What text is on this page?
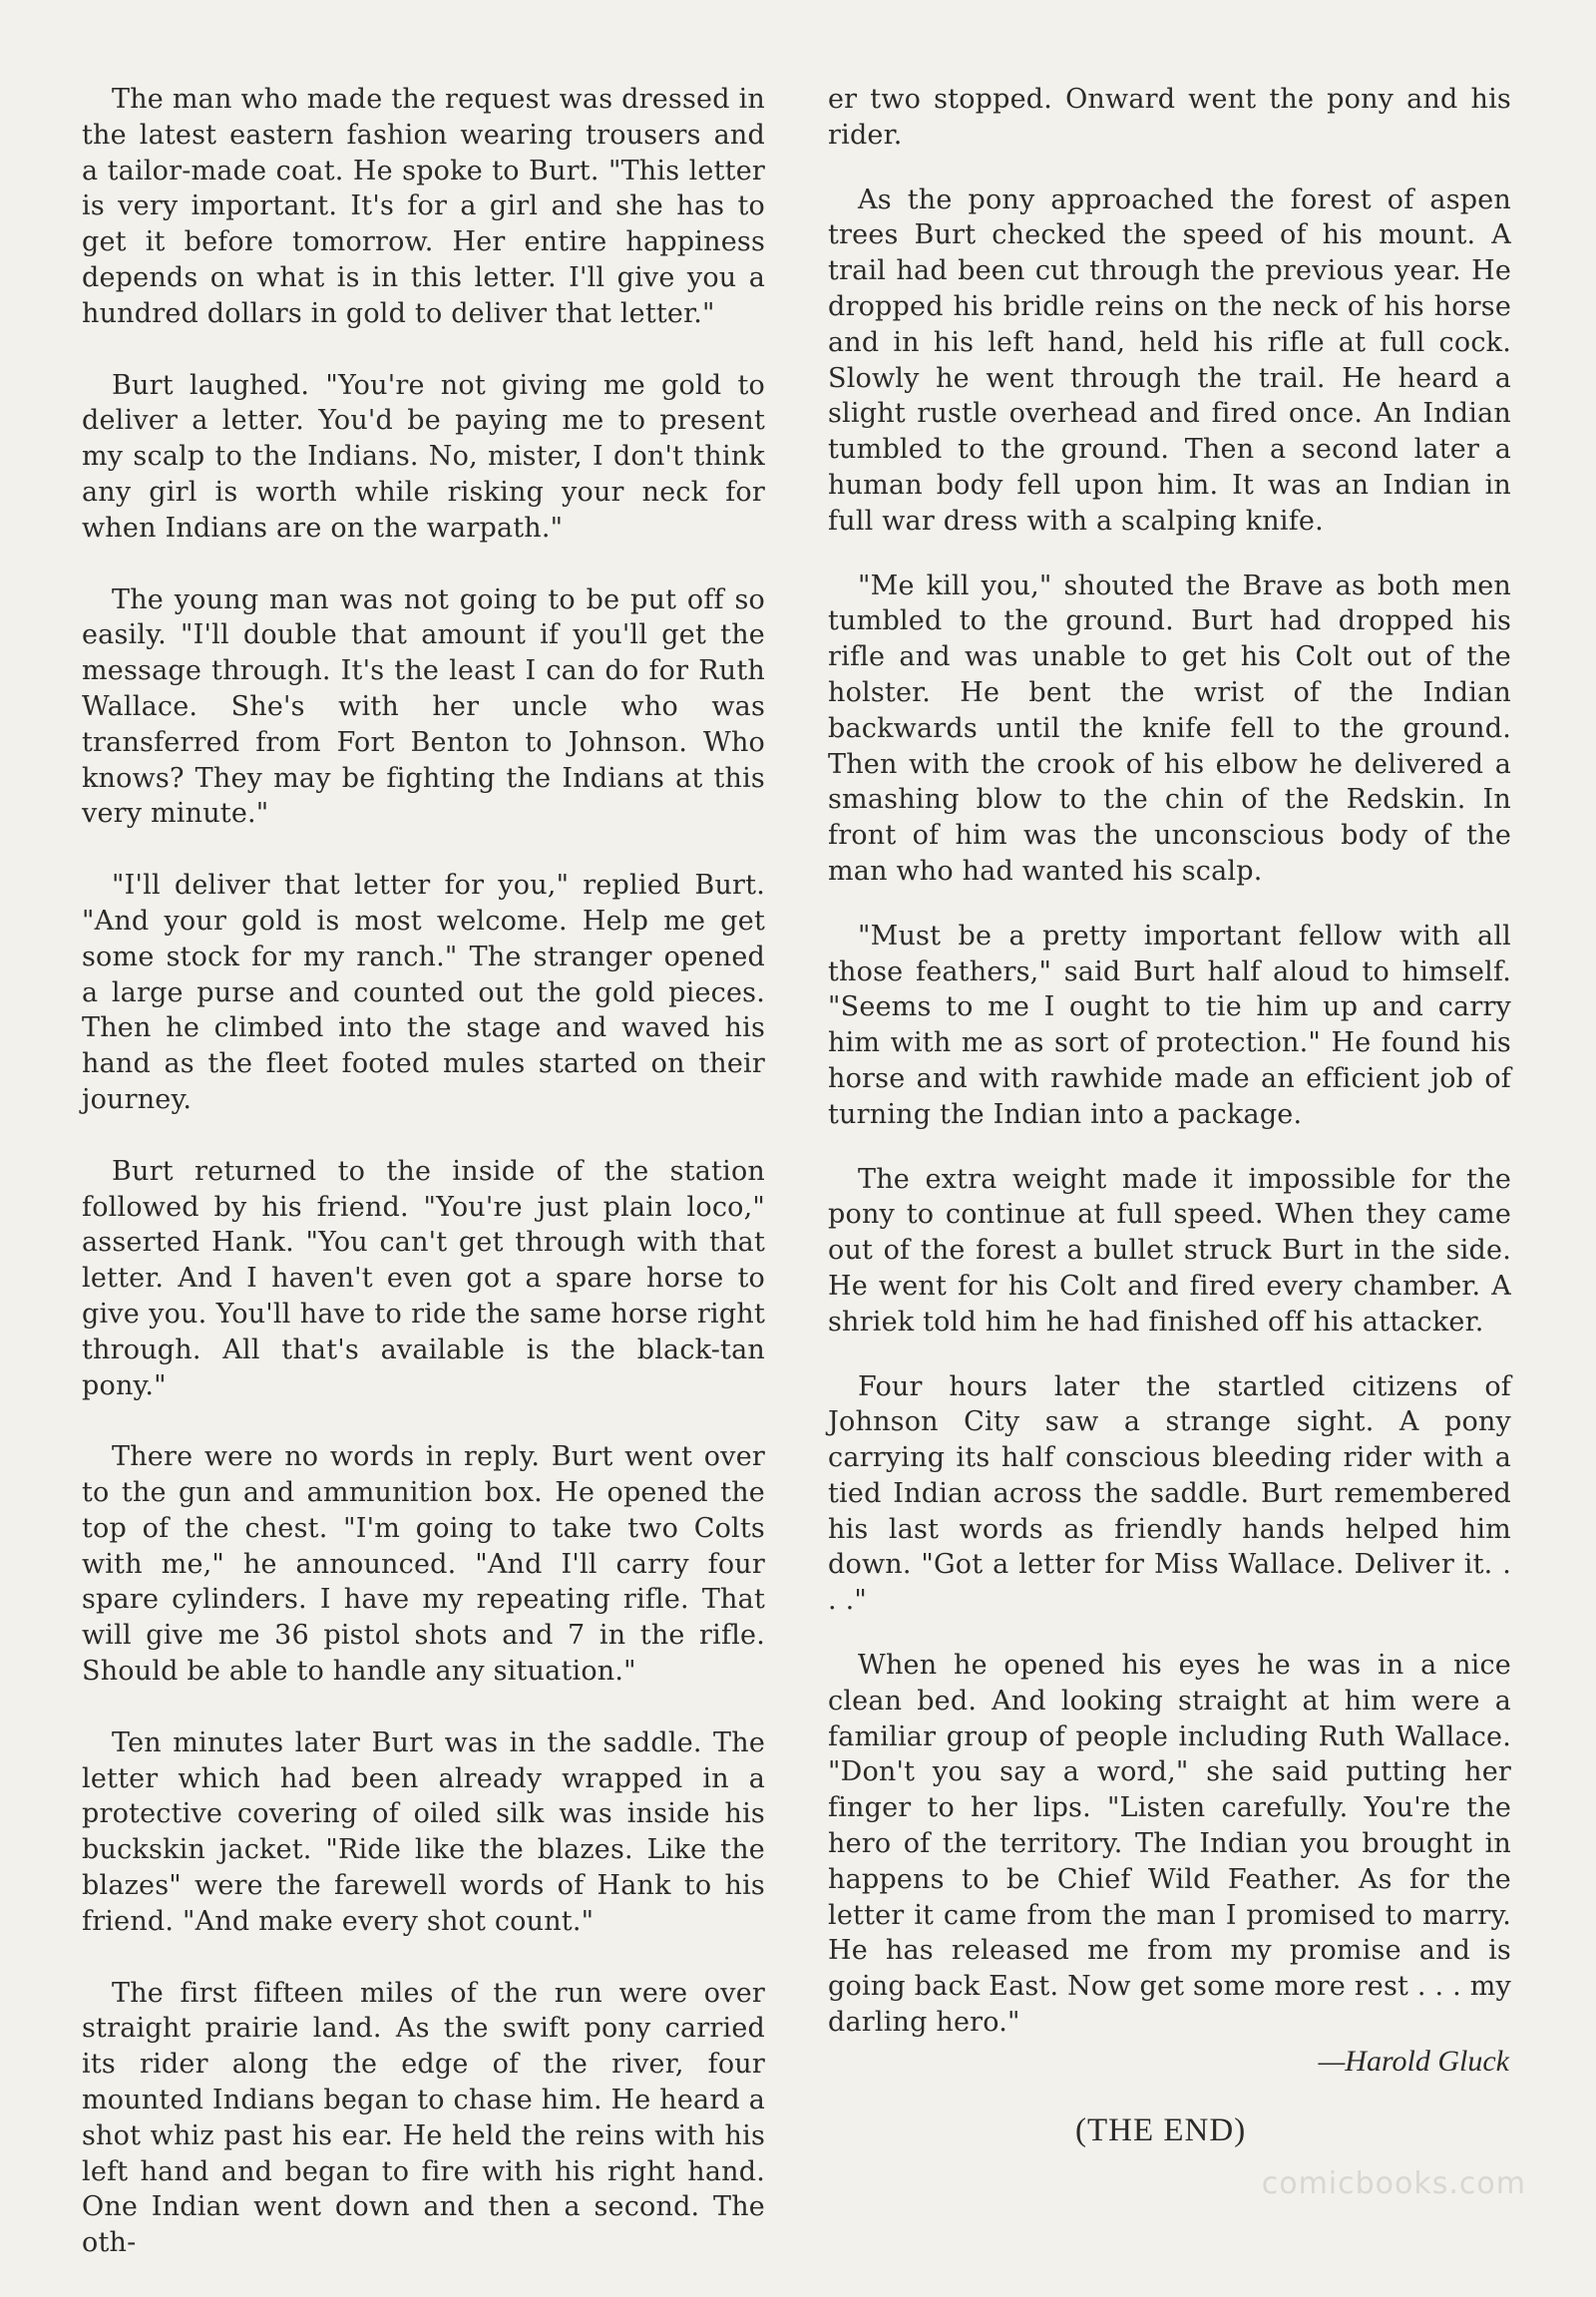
The man who made the request was dressed in the latest eastern fashion wearing trousers and a tailor-made coat. He spoke to Burt. "This letter is very important. It's for a girl and she has to get it before tomorrow. Her entire happiness depends on what is in this letter. I'll give you a hundred dollars in gold to deliver that letter."

Burt laughed. "You're not giving me gold to deliver a letter. You'd be paying me to present my scalp to the Indians. No, mister, I don't think any girl is worth while risking your neck for when Indians are on the warpath."

The young man was not going to be put off so easily. "I'll double that amount if you'll get the message through. It's the least I can do for Ruth Wallace. She's with her uncle who was transferred from Fort Benton to Johnson. Who knows? They may be fighting the Indians at this very minute."

"I'll deliver that letter for you," replied Burt. "And your gold is most welcome. Help me get some stock for my ranch." The stranger opened a large purse and counted out the gold pieces. Then he climbed into the stage and waved his hand as the fleet footed mules started on their journey.

Burt returned to the inside of the station followed by his friend. "You're just plain loco," asserted Hank. "You can't get through with that letter. And I haven't even got a spare horse to give you. You'll have to ride the same horse right through. All that's available is the black-tan pony."

There were no words in reply. Burt went over to the gun and ammunition box. He opened the top of the chest. "I'm going to take two Colts with me," he announced. "And I'll carry four spare cylinders. I have my repeating rifle. That will give me 36 pistol shots and 7 in the rifle. Should be able to handle any situation."

Ten minutes later Burt was in the saddle. The letter which had been already wrapped in a protective covering of oiled silk was inside his buckskin jacket. "Ride like the blazes. Like the blazes" were the farewell words of Hank to his friend. "And make every shot count."

The first fifteen miles of the run were over straight prairie land. As the swift pony carried its rider along the edge of the river, four mounted Indians began to chase him. He heard a shot whiz past his ear. He held the reins with his left hand and began to fire with his right hand. One Indian went down and then a second. The oth-

er two stopped. Onward went the pony and his rider.

As the pony approached the forest of aspen trees Burt checked the speed of his mount. A trail had been cut through the previous year. He dropped his bridle reins on the neck of his horse and in his left hand, held his rifle at full cock. Slowly he went through the trail. He heard a slight rustle overhead and fired once. An Indian tumbled to the ground. Then a second later a human body fell upon him. It was an Indian in full war dress with a scalping knife.

"Me kill you," shouted the Brave as both men tumbled to the ground. Burt had dropped his rifle and was unable to get his Colt out of the holster. He bent the wrist of the Indian backwards until the knife fell to the ground. Then with the crook of his elbow he delivered a smashing blow to the chin of the Redskin. In front of him was the unconscious body of the man who had wanted his scalp.

"Must be a pretty important fellow with all those feathers," said Burt half aloud to himself. "Seems to me I ought to tie him up and carry him with me as sort of protection." He found his horse and with rawhide made an efficient job of turning the Indian into a package.

The extra weight made it impossible for the pony to continue at full speed. When they came out of the forest a bullet struck Burt in the side. He went for his Colt and fired every chamber. A shriek told him he had finished off his attacker.

Four hours later the startled citizens of Johnson City saw a strange sight. A pony carrying its half conscious bleeding rider with a tied Indian across the saddle. Burt remembered his last words as friendly hands helped him down. "Got a letter for Miss Wallace. Deliver it. . . ."

When he opened his eyes he was in a nice clean bed. And looking straight at him were a familiar group of people including Ruth Wallace. "Don't you say a word," she said putting her finger to her lips. "Listen carefully. You're the hero of the territory. The Indian you brought in happens to be Chief Wild Feather. As for the letter it came from the man I promised to marry. He has released me from my promise and is going back East. Now get some more rest . . . my darling hero."

—Harold Gluck
(THE END)
comicbooks.com
